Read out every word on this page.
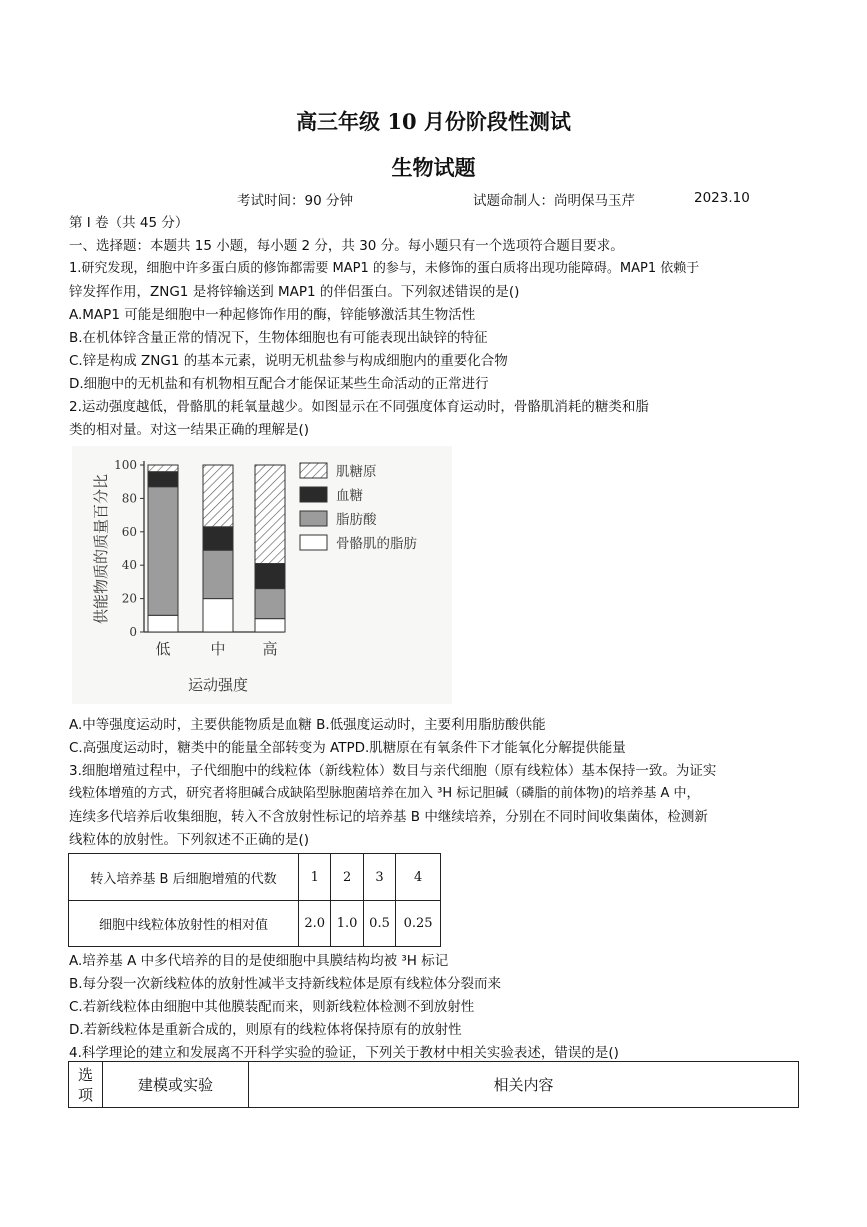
高三年级 10 月份阶段性测试
生物试题
考试时间：90 分钟	试题命制人：尚明保马玉芹	2023.10
第 I 卷（共 45 分）
一、选择题：本题共 15 小题，每小题 2 分，共 30 分。每小题只有一个选项符合题目要求。
1.研究发现，细胞中许多蛋白质的修饰都需要 MAP1 的参与，未修饰的蛋白质将出现功能障碍。MAP1 依赖于
锌发挥作用，ZNG1 是将锌输送到 MAP1 的伴侣蛋白。下列叙述错误的是()
A.MAP1 可能是细胞中一种起修饰作用的酶，锌能够激活其生物活性
B.在机体锌含量正常的情况下，生物体细胞也有可能表现出缺锌的特征
C.锌是构成 ZNG1 的基本元素，说明无机盐参与构成细胞内的重要化合物
D.细胞中的无机盐和有机物相互配合才能保证某些生命活动的正常进行
2.运动强度越低，骨骼肌的耗氧量越少。如图显示在不同强度体育运动时，骨骼肌消耗的糖类和脂
类的相对量。对这一结果正确的理解是()
0
20
40
60
80
100
低	中 高
肌糖原
血糖
脂肪酸
骨骼肌的脂肪
供能物质的质量百分比
运动强度
A.中等强度运动时，主要供能物质是血糖 B.低强度运动时，主要利用脂肪酸供能
C.高强度运动时，糖类中的能量全部转变为 ATPD.肌糖原在有氧条件下才能氧化分解提供能量
3.细胞增殖过程中，子代细胞中的线粒体（新线粒体）数目与亲代细胞（原有线粒体）基本保持一致。为证实
线粒体增殖的方式，研究者将胆碱合成缺陷型脉胞菌培养在加入 ³H 标记胆碱（磷脂的前体物)的培养基 A 中，
连续多代培养后收集细胞，转入不含放射性标记的培养基 B 中继续培养，分别在不同时间收集菌体，检测新
线粒体的放射性。下列叙述不正确的是()
转入培养基 B 后细胞增殖的代数	1	2	3	4
细胞中线粒体放射性的相对值	2.0	1.0	0.5	0.25
A.培养基 A 中多代培养的目的是使细胞中具膜结构均被 ³H 标记
B.每分裂一次新线粒体的放射性减半支持新线粒体是原有线粒体分裂而来
C.若新线粒体由细胞中其他膜装配而来，则新线粒体检测不到放射性
D.若新线粒体是重新合成的，则原有的线粒体将保持原有的放射性
4.科学理论的建立和发展离不开科学实验的验证，下列关于教材中相关实验表述，错误的是()
选
项	建模或实验	相关内容
